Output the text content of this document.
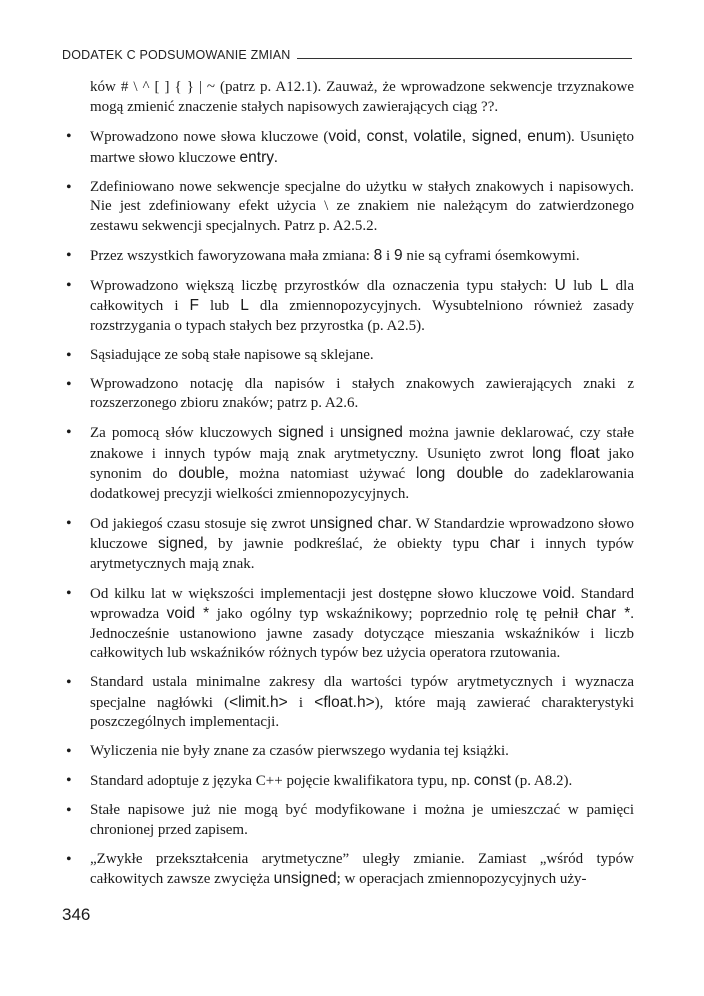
DODATEK C PODSUMOWANIE ZMIAN

ków # \ ^ [ ] { } | ~ (patrz p. A12.1). Zauważ, że wprowadzone sekwencje trzyznakowe mogą zmienić znaczenie stałych napisowych zawierających ciąg ??.

• Wprowadzono nowe słowa kluczowe (void, const, volatile, signed, enum). Usunięto martwe słowo kluczowe entry.
• Zdefiniowano nowe sekwencje specjalne do użytku w stałych znakowych i napisowych. Nie jest zdefiniowany efekt użycia \ ze znakiem nie należącym do zatwierdzonego zestawu sekwencji specjalnych. Patrz p. A2.5.2.
• Przez wszystkich faworyzowana mała zmiana: 8 i 9 nie są cyframi ósemkowymi.
• Wprowadzono większą liczbę przyrostków dla oznaczenia typu stałych: U lub L dla całkowitych i F lub L dla zmiennopozycyjnych. Wysubtelniono również zasady rozstrzygania o typach stałych bez przyrostka (p. A2.5).
• Sąsiadujące ze sobą stałe napisowe są sklejane.
• Wprowadzono notację dla napisów i stałych znakowych zawierających znaki z rozszerzonego zbioru znaków; patrz p. A2.6.
• Za pomocą słów kluczowych signed i unsigned można jawnie deklarować, czy stałe znakowe i innych typów mają znak arytmetyczny. Usunięto zwrot long float jako synonim do double, można natomiast używać long double do zadeklarowania dodatkowej precyzji wielkości zmiennopozycyjnych.
• Od jakiegoś czasu stosuje się zwrot unsigned char. W Standardzie wprowadzono słowo kluczowe signed, by jawnie podkreślać, że obiekty typu char i innych typów arytmetycznych mają znak.
• Od kilku lat w większości implementacji jest dostępne słowo kluczowe void. Standard wprowadza void * jako ogólny typ wskaźnikowy; poprzednio rolę tę pełnił char *. Jednocześnie ustanowiono jawne zasady dotyczące mieszania wskaźników i liczb całkowitych lub wskaźników różnych typów bez użycia operatora rzutowania.
• Standard ustala minimalne zakresy dla wartości typów arytmetycznych i wyznacza specjalne nagłówki (<limit.h> i <float.h>), które mają zawierać charakterystyki poszczególnych implementacji.
• Wyliczenia nie były znane za czasów pierwszego wydania tej książki.
• Standard adoptuje z języka C++ pojęcie kwalifikatora typu, np. const (p. A8.2).
• Stałe napisowe już nie mogą być modyfikowane i można je umieszczać w pamięci chronionej przed zapisem.
• „Zwykłe przekształcenia arytmetyczne” uległy zmianie. Zamiast „wśród typów całkowitych zawsze zwycięża unsigned; w operacjach zmiennopozycyjnych uży-
346
